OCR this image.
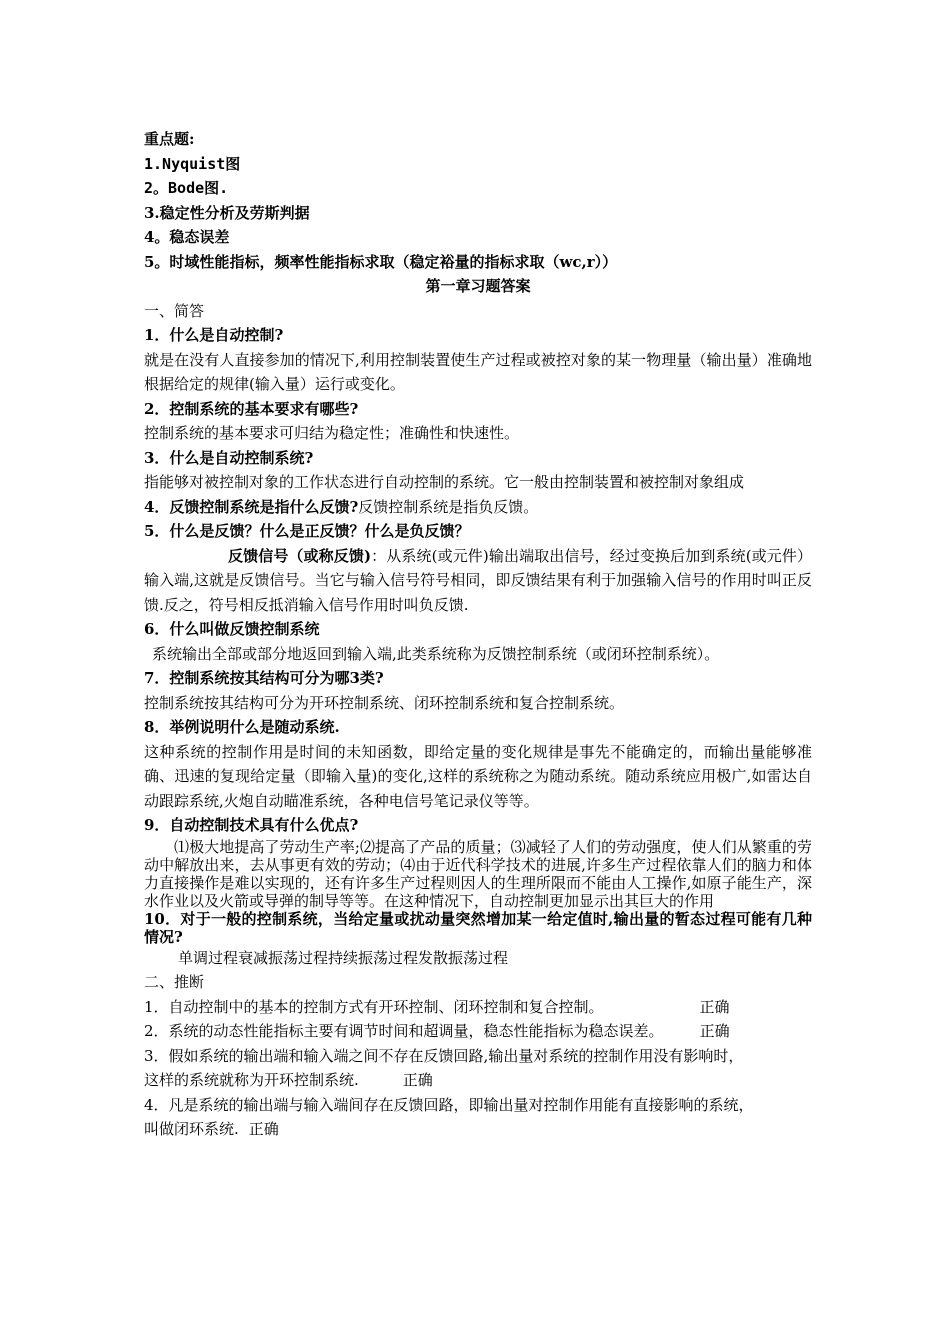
重点题:
1.Nyquist图
2。Bode图.
3.稳定性分析及劳斯判据
4。稳态误差
5。时域性能指标，频率性能指标求取（稳定裕量的指标求取（wc,r））
第一章习题答案
一、简答
1．什么是自动控制?
就是在没有人直接参加的情况下,利用控制装置使生产过程或被控对象的某一物理量（输出量）准确地根据给定的规律(输入量）运行或变化。
2．控制系统的基本要求有哪些?
控制系统的基本要求可归结为稳定性；准确性和快速性。
3．什么是自动控制系统?
指能够对被控制对象的工作状态进行自动控制的系统。它一般由控制装置和被控制对象组成
4．反馈控制系统是指什么反馈?反馈控制系统是指负反馈。
5．什么是反馈？什么是正反馈？什么是负反馈？
反馈信号（或称反馈)：从系统(或元件)输出端取出信号，经过变换后加到系统(或元件）输入端,这就是反馈信号。当它与输入信号符号相同，即反馈结果有利于加强输入信号的作用时叫正反馈.反之，符号相反抵消输入信号作用时叫负反馈.
6．什么叫做反馈控制系统
系统输出全部或部分地返回到输入端,此类系统称为反馈控制系统（或闭环控制系统）。
7．控制系统按其结构可分为哪3类?
控制系统按其结构可分为开环控制系统、闭环控制系统和复合控制系统。
8．举例说明什么是随动系统.
这种系统的控制作用是时间的未知函数，即给定量的变化规律是事先不能确定的，而输出量能够准确、迅速的复现给定量（即输入量)的变化,这样的系统称之为随动系统。随动系统应用极广,如雷达自动跟踪系统,火炮自动瞄准系统，各种电信号笔记录仪等等。
9．自动控制技术具有什么优点?
⑴极大地提高了劳动生产率;⑵提高了产品的质量；⑶减轻了人们的劳动强度，使人们从繁重的劳动中解放出来，去从事更有效的劳动；⑷由于近代科学技术的进展,许多生产过程依靠人们的脑力和体力直接操作是难以实现的，还有许多生产过程则因人的生理所限而不能由人工操作,如原子能生产，深水作业以及火箭或导弹的制导等等。在这种情况下，自动控制更加显示出其巨大的作用
10．对于一般的控制系统，当给定量或扰动量突然增加某一给定值时,输出量的暂态过程可能有几种情况?
单调过程衰减振荡过程持续振荡过程发散振荡过程
二、推断
1．自动控制中的基本的控制方式有开环控制、闭环控制和复合控制。	正确
2．系统的动态性能指标主要有调节时间和超调量，稳态性能指标为稳态误差。 正确
3．假如系统的输出端和输入端之间不存在反馈回路,输出量对系统的控制作用没有影响时，
这样的系统就称为开环控制系统.	正确
4．凡是系统的输出端与输入端间存在反馈回路，即输出量对控制作用能有直接影响的系统，
叫做闭环系统. 正确
